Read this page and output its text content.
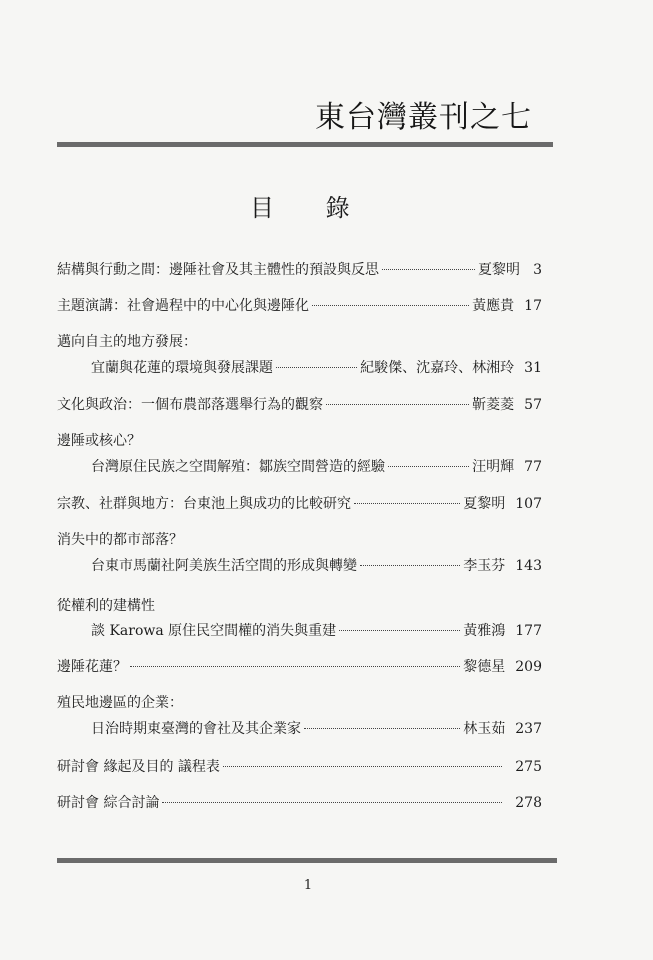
東台灣叢刊之七
目 錄
結構與行動之間：邊陲社會及其主體性的預設與反思	夏黎明 3
主題演講：社會過程中的中心化與邊陲化	黃應貴 17
邁向自主的地方發展：
宜蘭與花蓮的環境與發展課題	紀駿傑、沈嘉玲、林湘玲 31
文化與政治：一個布農部落選舉行為的觀察	靳菱菱 57
邊陲或核心？
台灣原住民族之空間解殖：鄒族空間營造的經驗	汪明輝 77
宗教、社群與地方：台東池上與成功的比較研究	夏黎明 107
消失中的都市部落？
台東市馬蘭社阿美族生活空間的形成與轉變	李玉芬 143
從權利的建構性
談 Karowa 原住民空間權的消失與重建	黃雅鴻 177
邊陲花蓮？	黎德星 209
殖民地邊區的企業：
日治時期東臺灣的會社及其企業家	林玉茹 237
研討會 緣起及目的 議程表	275
研討會 綜合討論	278
1
